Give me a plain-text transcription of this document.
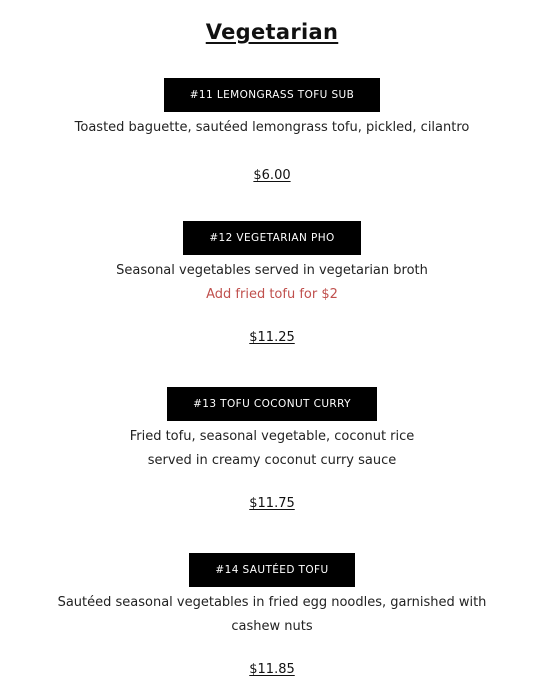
Vegetarian
#11 LEMONGRASS TOFU SUB

Toasted baguette, sautéed lemongrass tofu, pickled, cilantro

$6.00
#12 VEGETARIAN PHO

Seasonal vegetables served in vegetarian broth

Add fried tofu for $2

$11.25
#13 TOFU COCONUT CURRY

Fried tofu, seasonal vegetable, coconut rice

served in creamy coconut curry sauce

$11.75
#14 SAUTÉED TOFU

Sautéed seasonal vegetables in fried egg noodles, garnished with

cashew nuts

$11.85
